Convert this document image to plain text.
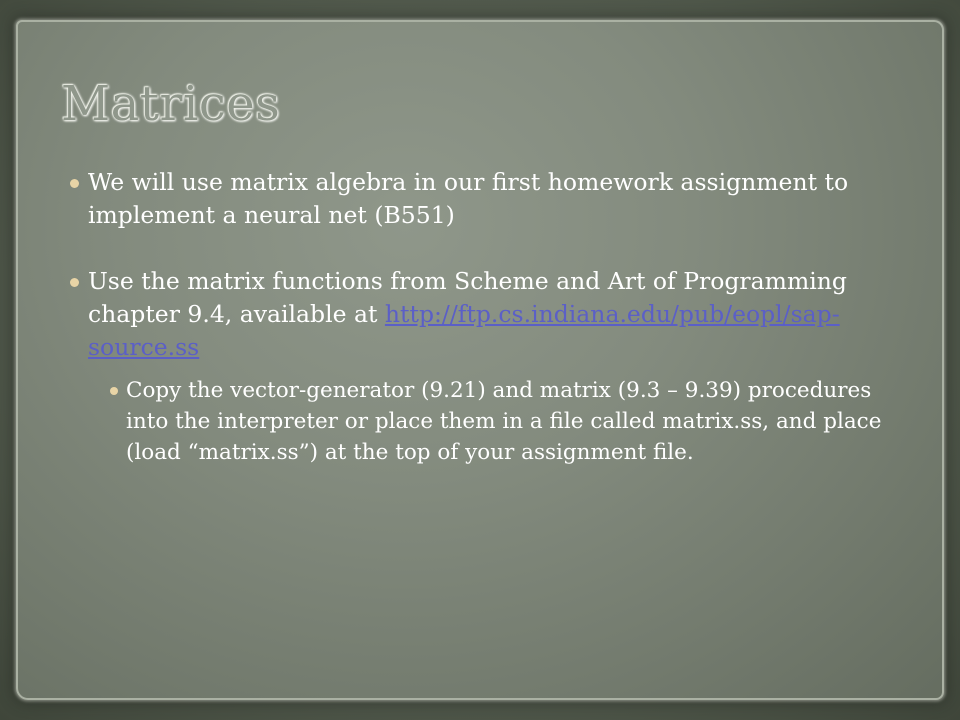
Matrices
We will use matrix algebra in our first homework assignment to implement a neural net (B551)
Use the matrix functions from Scheme and Art of Programming chapter 9.4, available at http://ftp.cs.indiana.edu/pub/eopl/sap-source.ss
Copy the vector-generator (9.21) and matrix (9.3 – 9.39) procedures into the interpreter or place them in a file called matrix.ss, and place (load “matrix.ss”) at the top of your assignment file.
